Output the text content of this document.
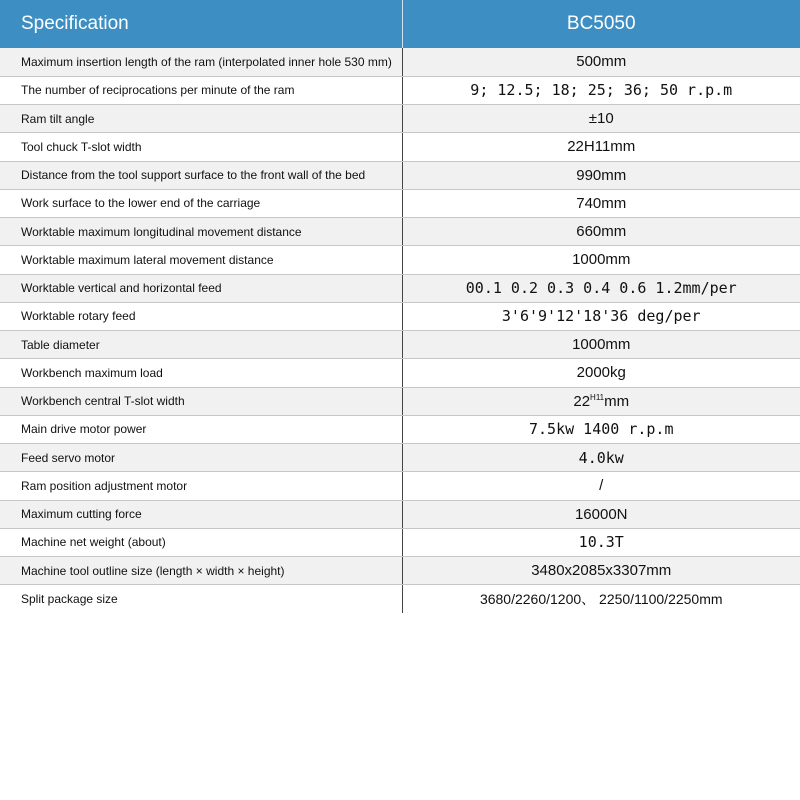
Specification	BC5050
Maximum insertion length of the ram (interpolated inner hole 530 mm)	500mm
The number of reciprocations per minute of the ram	9; 12.5; 18; 25; 36; 50 r.p.m
Ram tilt angle	±10
Tool chuck T-slot width	22H11mm
Distance from the tool support surface to the front wall of the bed	990mm
Work surface to the lower end of the carriage	740mm
Worktable maximum longitudinal movement distance	660mm
Worktable maximum lateral movement distance	1000mm
Worktable vertical and horizontal feed	00.1 0.2 0.3 0.4 0.6 1.2mm/per
Worktable rotary feed	3'6'9'12'18'36 deg/per
Table diameter	1000mm
Workbench maximum load	2000kg
Workbench central T-slot width	$22^{H11}mm$
Main drive motor power	7.5kw 1400 r.p.m
Feed servo motor	4.0kw
Ram position adjustment motor	/
Maximum cutting force	16000N
Machine net weight (about)	10.3T
Machine tool outline size (length × width × height)	3480x2085x3307mm
Split package size	3680/2260/1200、 2250/1100/2250mm
